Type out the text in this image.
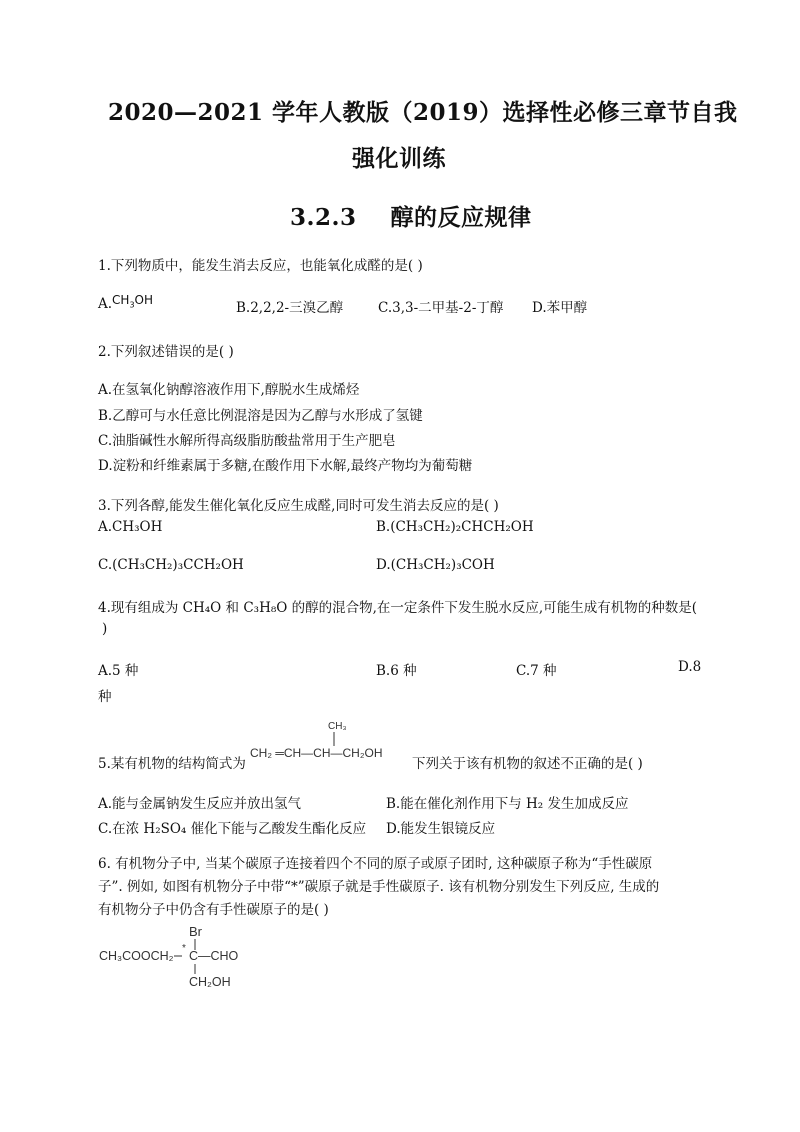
2020—2021 学年人教版（2019）选择性必修三章节自我
强化训练
3.2.3    醇的反应规律
1.下列物质中，能发生消去反应，也能氧化成醛的是( )
$A.CH_3OH$	B.2,2,2-三溴乙醇	C.3,3-二甲基-2-丁醇 D.苯甲醇
2.下列叙述错误的是( )
A.在氢氧化钠醇溶液作用下,醇脱水生成烯烃
B.乙醇可与水任意比例混溶是因为乙醇与水形成了氢键
C.油脂碱性水解所得高级脂肪酸盐常用于生产肥皂
D.淀粉和纤维素属于多糖,在酸作用下水解,最终产物均为葡萄糖
3.下列各醇,能发生催化氧化反应生成醛,同时可发生消去反应的是( )
A.CH₃OH	B.(CH₃CH₂)₂CHCH₂OH
C.(CH₃CH₂)₃CCH₂OH	D.(CH₃CH₂)₃COH
4.现有组成为 CH₄O 和 C₃H₈O 的醇的混合物,在一定条件下发生脱水反应,可能生成有机物的种数是(
)
A.5 种	B.6 种	C.7 种	D.8
种
5.某有机物的结构简式为
CH₃
CH₂ ═CH—CH—CH₂OH
下列关于该有机物的叙述不正确的是( )
A.能与金属钠发生反应并放出氢气	B.能在催化剂作用下与 H₂ 发生加成反应
C.在浓 H₂SO₄ 催化下能与乙酸发生酯化反应 D.能发生银镜反应
6. 有机物分子中, 当某个碳原子连接着四个不同的原子或原子团时, 这种碳原子称为“手性碳原
子”. 例如, 如图有机物分子中带“*”碳原子就是手性碳原子. 该有机物分别发生下列反应, 生成的
有机物分子中仍含有手性碳原子的是( )
Br
CH₃COOCH₂
*
C —CHO
CH₂OH
